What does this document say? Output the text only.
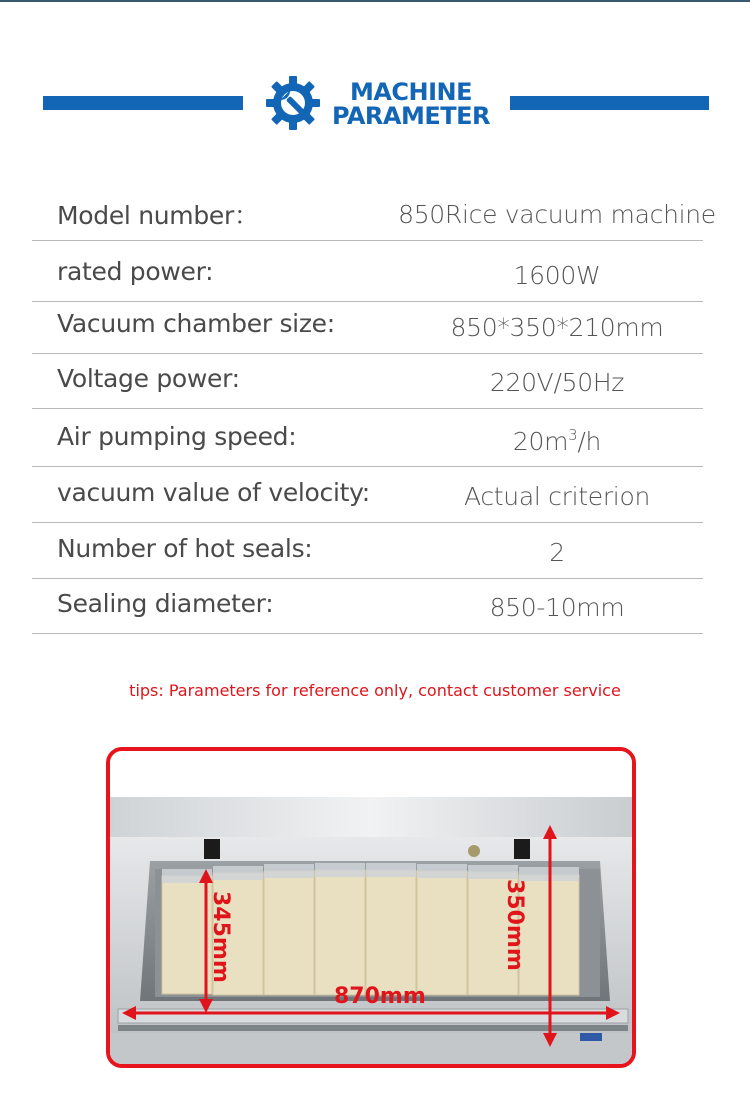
MACHINE
PARAMETER
Model number：	850Rice vacuum machine
rated power:	1600W
Vacuum chamber size:	850*350*210mm
Voltage power:	220V/50Hz
Air pumping speed:	$20m^3/h$
vacuum value of velocity:	Actual criterion
Number of hot seals:	2
Sealing diameter:	850-10mm
tips: Parameters for reference only, contact customer service
345mm	350mm
870mm
